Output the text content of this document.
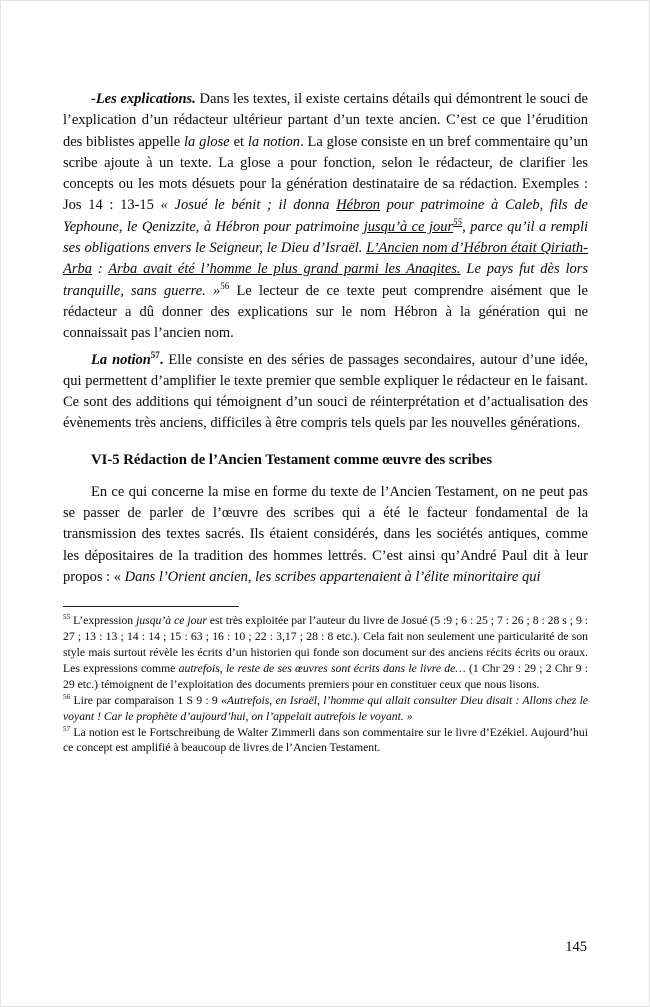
-Les explications. Dans les textes, il existe certains détails qui démontrent le souci de l’explication d’un rédacteur ultérieur partant d’un texte ancien. C’est ce que l’érudition des biblistes appelle la glose et la notion. La glose consiste en un bref commentaire qu’un scribe ajoute à un texte. La glose a pour fonction, selon le rédacteur, de clarifier les concepts ou les mots désuets pour la génération destinataire de sa rédaction. Exemples : Jos 14 : 13-15 « Josué le bénit ; il donna Hébron pour patrimoine à Caleb, fils de Yephoune, le Qenizzite, à Hébron pour patrimoine jusqu’à ce jour$^{55}$, parce qu’il a rempli ses obligations envers le Seigneur, le Dieu d’Israël. L’Ancien nom d’Hébron était Qiriath-Arba : Arba avait été l’homme le plus grand parmi les Anaqites. Le pays fut dès lors tranquille, sans guerre. »$^{56}$ Le lecteur de ce texte peut comprendre aisément que le rédacteur a dû donner des explications sur le nom Hébron à la génération qui ne connaissait pas l’ancien nom.

La notion$^{57}$. Elle consiste en des séries de passages secondaires, autour d’une idée, qui permettent d’amplifier le texte premier que semble expliquer le rédacteur en le faisant. Ce sont des additions qui témoignent d’un souci de réinterprétation et d’actualisation des évènements très anciens, difficiles à être compris tels quels par les nouvelles générations.

VI-5 Rédaction de l’Ancien Testament comme œuvre des scribes

En ce qui concerne la mise en forme du texte de l’Ancien Testament, on ne peut pas se passer de parler de l’œuvre des scribes qui a été le facteur fondamental de la transmission des textes sacrés. Ils étaient considérés, dans les sociétés antiques, comme les dépositaires de la tradition des hommes lettrés. C’est ainsi qu’André Paul dit à leur propos : « Dans l’Orient ancien, les scribes appartenaient à l’élite minoritaire qui

$^{55}$ L’expression jusqu’à ce jour est très exploitée par l’auteur du livre de Josué (5 :9 ; 6 : 25 ; 7 : 26 ; 8 : 28 s ; 9 : 27 ; 13 : 13 ; 14 : 14 ; 15 : 63 ; 16 : 10 ; 22 : 3,17 ; 28 : 8 etc.). Cela fait non seulement une particularité de son style mais surtout révèle les écrits d’un historien qui fonde son document sur des anciens récits écrits ou oraux. Les expressions comme autrefois, le reste de ses œuvres sont écrits dans le livre de… (1 Chr 29 : 29 ; 2 Chr 9 : 29 etc.) témoignent de l’exploitation des documents premiers pour en constituer ceux que nous lisons.

$^{56}$ Lire par comparaison 1 S 9 : 9 «Autrefois, en Israël, l’homme qui allait consulter Dieu disait : Allons chez le voyant ! Car le prophète d’aujourd’hui, on l’appelait autrefois le voyant. »

$^{57}$ La notion est le Fortschreibung de Walter Zimmerli dans son commentaire sur le livre d’Ezékiel. Aujourd’hui ce concept est amplifié à beaucoup de livres de l’Ancien Testament.

145
